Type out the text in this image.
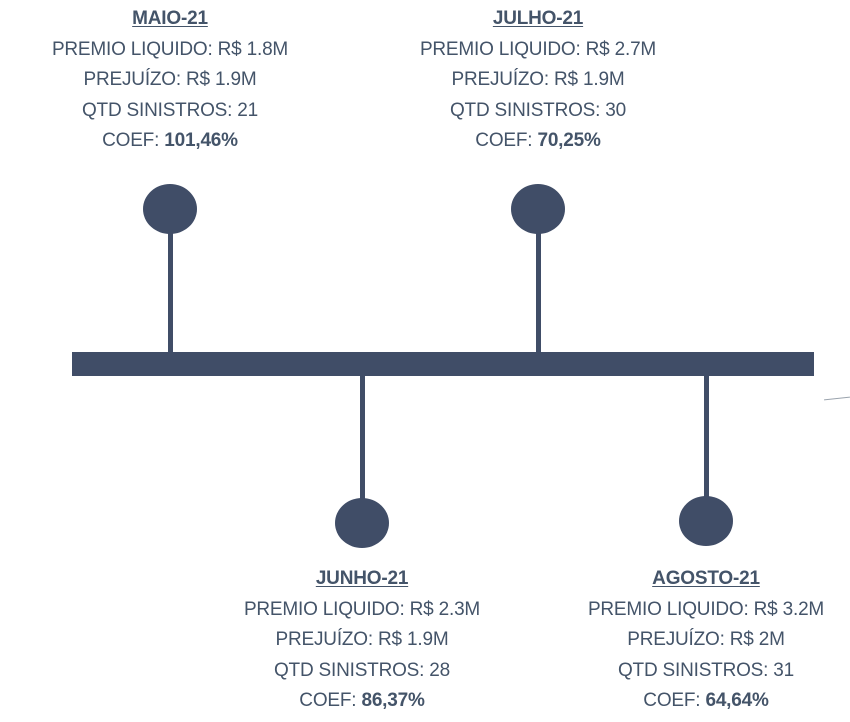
MAIO-21
PREMIO LIQUIDO: R$ 1.8M
PREJUÍZO: R$ 1.9M
QTD SINISTROS: 21
COEF: 101,46%
JULHO-21
PREMIO LIQUIDO: R$ 2.7M
PREJUÍZO: R$ 1.9M
QTD SINISTROS: 30
COEF: 70,25%
JUNHO-21
PREMIO LIQUIDO: R$ 2.3M
PREJUÍZO: R$ 1.9M
QTD SINISTROS: 28
COEF: 86,37%
AGOSTO-21
PREMIO LIQUIDO: R$ 3.2M
PREJUÍZO: R$ 2M
QTD SINISTROS: 31
COEF: 64,64%
